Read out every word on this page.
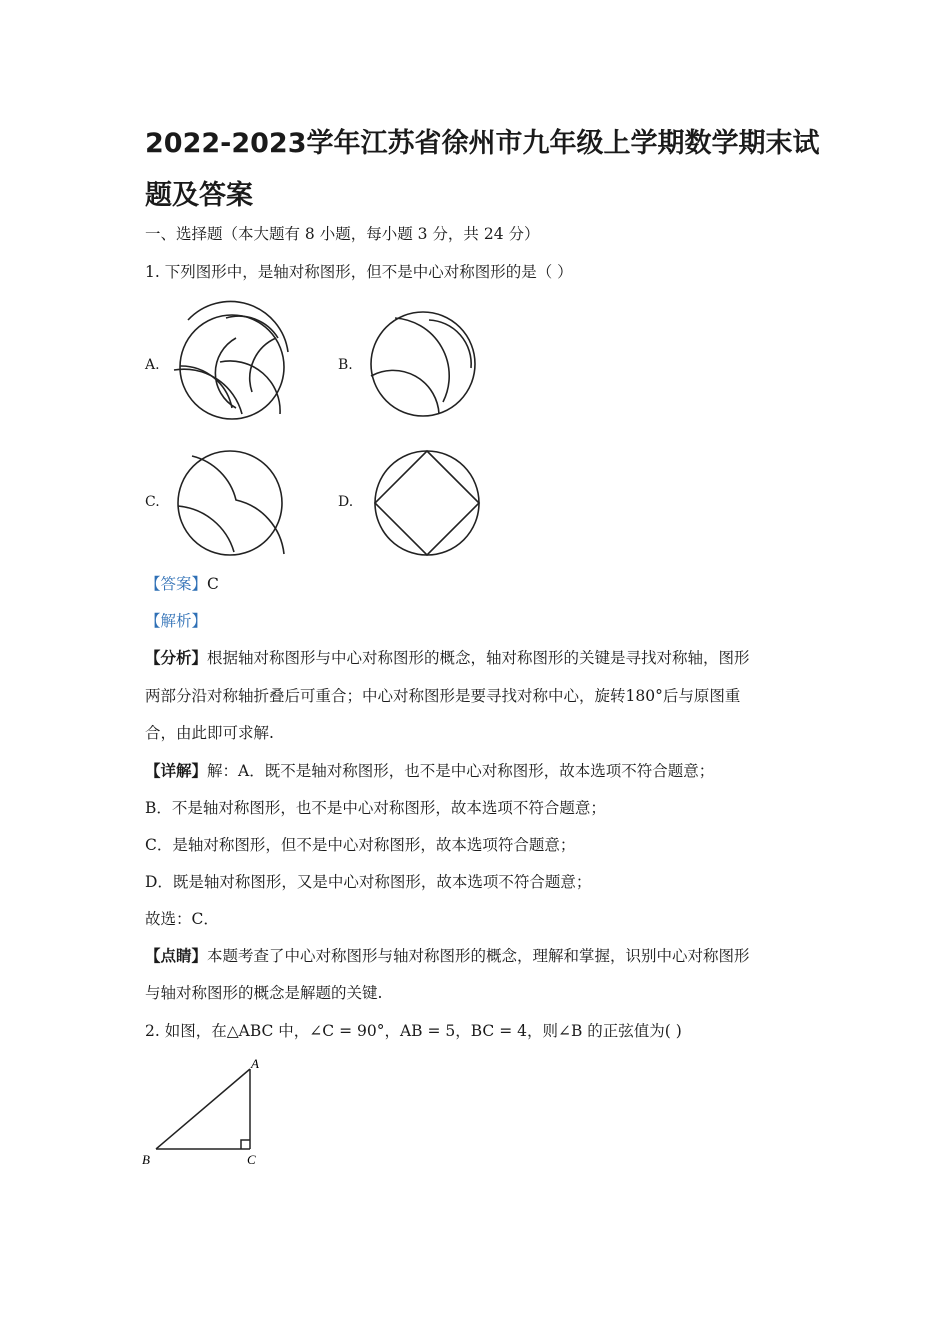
2022-2023学年江苏省徐州市九年级上学期数学期末试题及答案
一、选择题（本大题有 8 小题，每小题 3 分，共 24 分）
1. 下列图形中，是轴对称图形，但不是中心对称图形的是（ ）
A.	B.
C.	D.
【答案】C
【解析】
【分析】根据轴对称图形与中心对称图形的概念，轴对称图形的关键是寻找对称轴，图形
两部分沿对称轴折叠后可重合；中心对称图形是要寻找对称中心，旋转180°后与原图重
合，由此即可求解.
【详解】解：A．既不是轴对称图形，也不是中心对称图形，故本选项不符合题意；
B．不是轴对称图形，也不是中心对称图形，故本选项不符合题意；
C．是轴对称图形，但不是中心对称图形，故本选项符合题意；
D．既是轴对称图形，又是中心对称图形，故本选项不符合题意；
故选：C．
【点睛】本题考查了中心对称图形与轴对称图形的概念，理解和掌握，识别中心对称图形
与轴对称图形的概念是解题的关键.
2. 如图，在△ABC 中，∠C = 90°，AB = 5，BC = 4，则∠B 的正弦值为( )
A
B	C
